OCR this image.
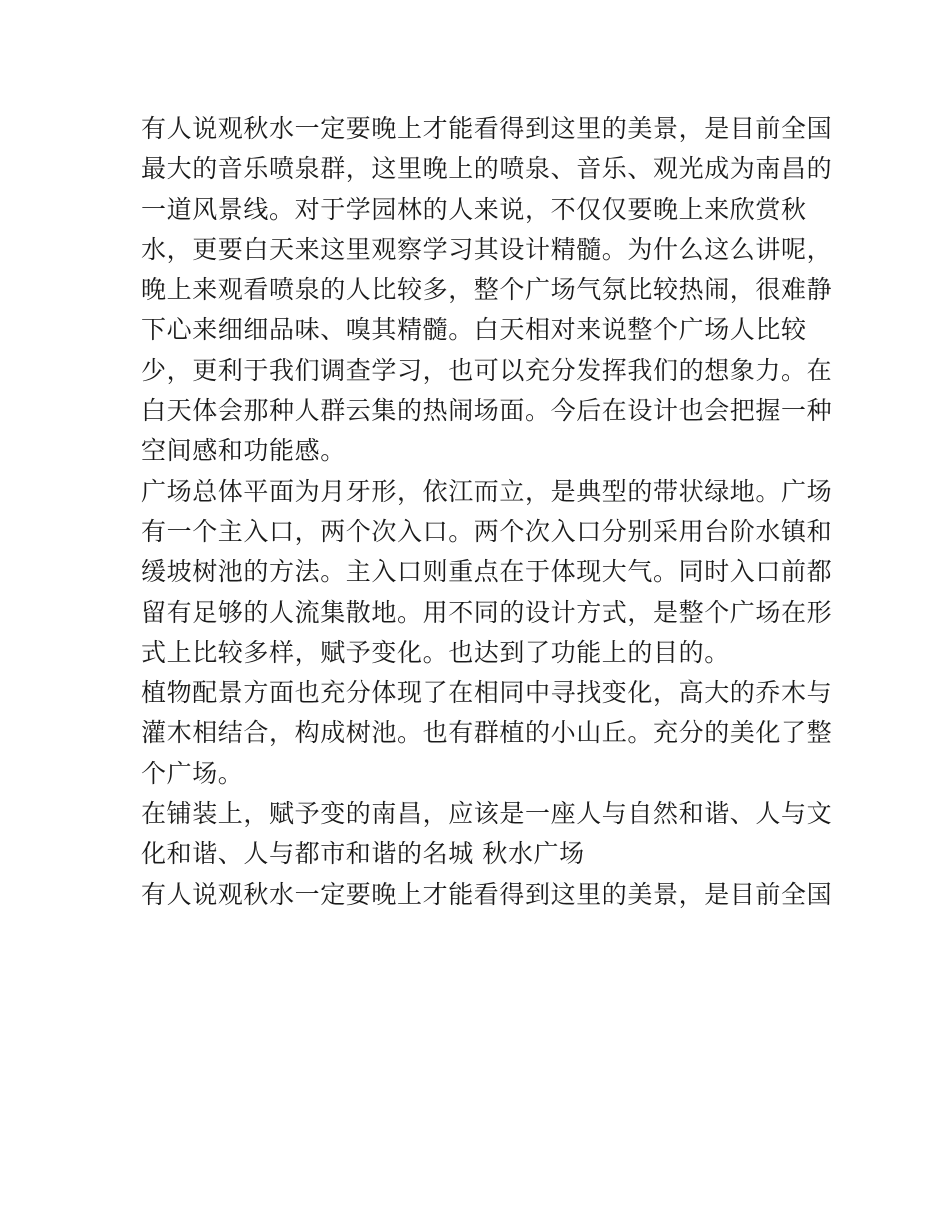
有人说观秋水一定要晚上才能看得到这里的美景，是目前全国
最大的音乐喷泉群，这里晚上的喷泉、音乐、观光成为南昌的
一道风景线。对于学园林的人来说，不仅仅要晚上来欣赏秋
水，更要白天来这里观察学习其设计精髓。为什么这么讲呢，
晚上来观看喷泉的人比较多，整个广场气氛比较热闹，很难静
下心来细细品味、嗅其精髓。白天相对来说整个广场人比较
少，更利于我们调查学习，也可以充分发挥我们的想象力。在
白天体会那种人群云集的热闹场面。今后在设计也会把握一种
空间感和功能感。
广场总体平面为月牙形，依江而立，是典型的带状绿地。广场
有一个主入口，两个次入口。两个次入口分别采用台阶水镇和
缓坡树池的方法。主入口则重点在于体现大气。同时入口前都
留有足够的人流集散地。用不同的设计方式，是整个广场在形
式上比较多样，赋予变化。也达到了功能上的目的。
植物配景方面也充分体现了在相同中寻找变化，高大的乔木与
灌木相结合，构成树池。也有群植的小山丘。充分的美化了整
个广场。
在铺装上，赋予变的南昌，应该是一座人与自然和谐、人与文
化和谐、人与都市和谐的名城 秋水广场
有人说观秋水一定要晚上才能看得到这里的美景，是目前全国
